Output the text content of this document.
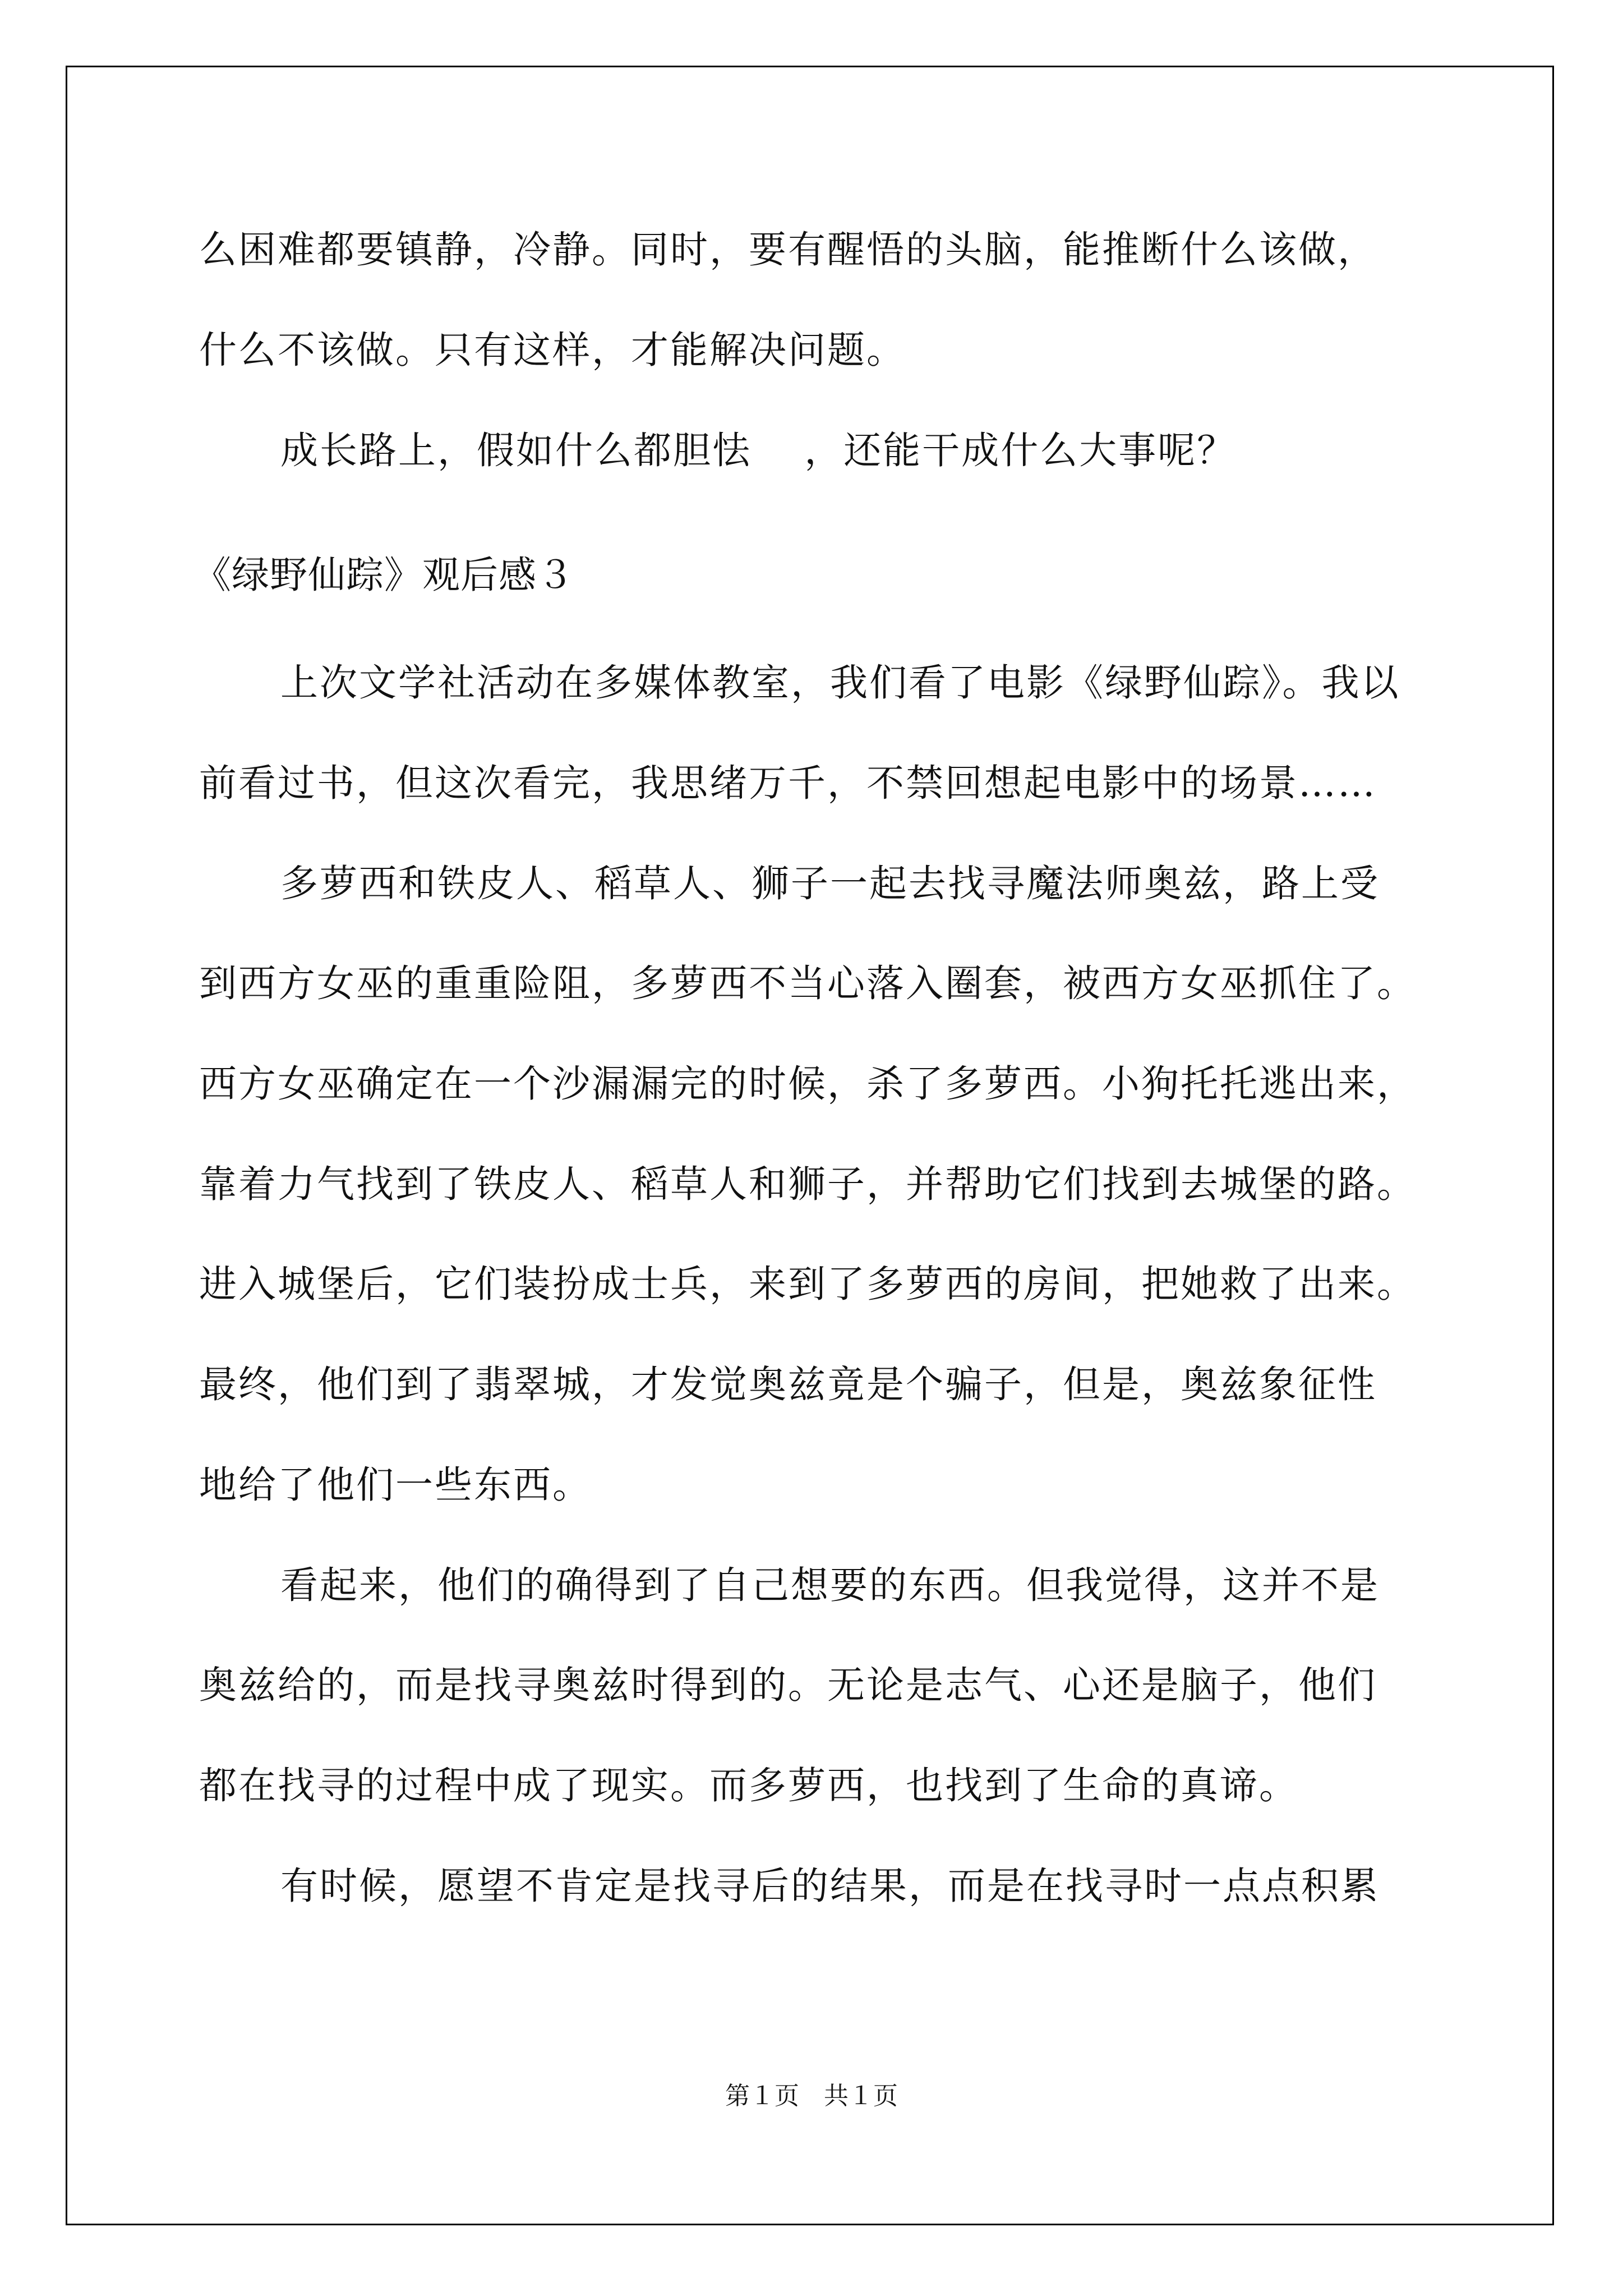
么困难都要镇静，冷静。同时，要有醒悟的头脑，能推断什么该做，
什么不该做。只有这样，才能解决问题。
成长路上，假如什么都胆怯　 ，还能干成什么大事呢？
《绿野仙踪》观后感３
上次文学社活动在多媒体教室，我们看了电影《绿野仙踪》。我以
前看过书，但这次看完，我思绪万千，不禁回想起电影中的场景……
多萝西和铁皮人、稻草人、狮子一起去找寻魔法师奥兹，路上受
到西方女巫的重重险阻，多萝西不当心落入圈套，被西方女巫抓住了。
西方女巫确定在一个沙漏漏完的时候，杀了多萝西。小狗托托逃出来，
靠着力气找到了铁皮人、稻草人和狮子，并帮助它们找到去城堡的路。
进入城堡后，它们装扮成士兵，来到了多萝西的房间，把她救了出来。
最终，他们到了翡翠城，才发觉奥兹竟是个骗子，但是，奥兹象征性
地给了他们一些东西。
看起来，他们的确得到了自己想要的东西。但我觉得，这并不是
奥兹给的，而是找寻奥兹时得到的。无论是志气、心还是脑子，他们
都在找寻的过程中成了现实。而多萝西，也找到了生命的真谛。
有时候，愿望不肯定是找寻后的结果，而是在找寻时一点点积累
第１页　共１页
